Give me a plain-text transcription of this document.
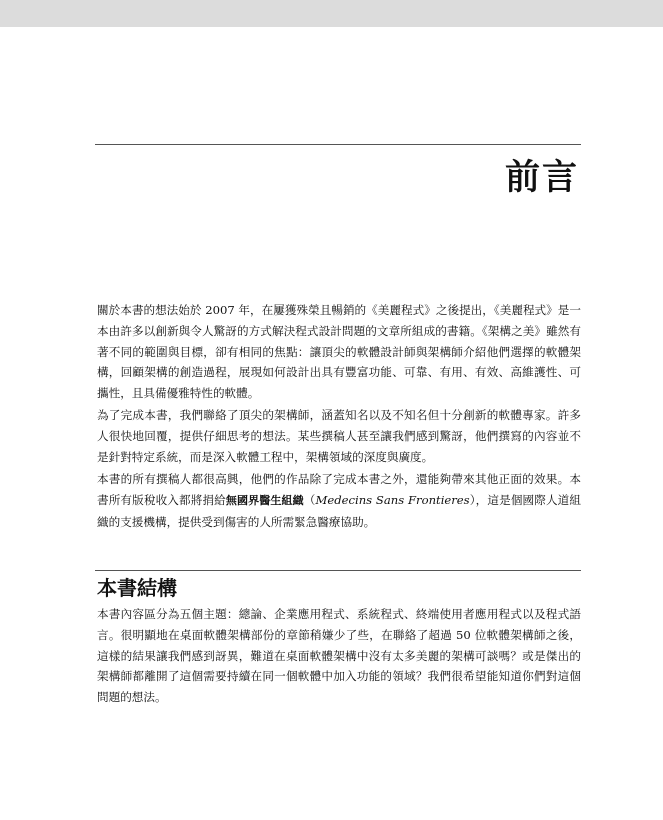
前言

關於本書的想法始於 2007 年，在屢獲殊榮且暢銷的《美麗程式》之後提出，《美麗程式》是一本由許多以創新與令人驚訝的方式解決程式設計問題的文章所組成的書籍。《架構之美》雖然有著不同的範圍與目標，卻有相同的焦點：讓頂尖的軟體設計師與架構師介紹他們選擇的軟體架構，回顧架構的創造過程，展現如何設計出具有豐富功能、可靠、有用、有效、高維護性、可攜性，且具備優雅特性的軟體。

為了完成本書，我們聯絡了頂尖的架構師，涵蓋知名以及不知名但十分創新的軟體專家。許多人很快地回覆，提供仔細思考的想法。某些撰稿人甚至讓我們感到驚訝，他們撰寫的內容並不是針對特定系統，而是深入軟體工程中，架構領域的深度與廣度。

本書的所有撰稿人都很高興，他們的作品除了完成本書之外，還能夠帶來其他正面的效果。本書所有版稅收入都將捐給無國界醫生組織（Medecins Sans Frontieres），這是個國際人道組織的支援機構，提供受到傷害的人所需緊急醫療協助。

本書結構

本書內容區分為五個主題：總論、企業應用程式、系統程式、終端使用者應用程式以及程式語言。很明顯地在桌面軟體架構部份的章節稍嫌少了些，在聯絡了超過 50 位軟體架構師之後，這樣的結果讓我們感到訝異，難道在桌面軟體架構中沒有太多美麗的架構可談嗎？或是傑出的架構師都離開了這個需要持續在同一個軟體中加入功能的領域？我們很希望能知道你們對這個問題的想法。
